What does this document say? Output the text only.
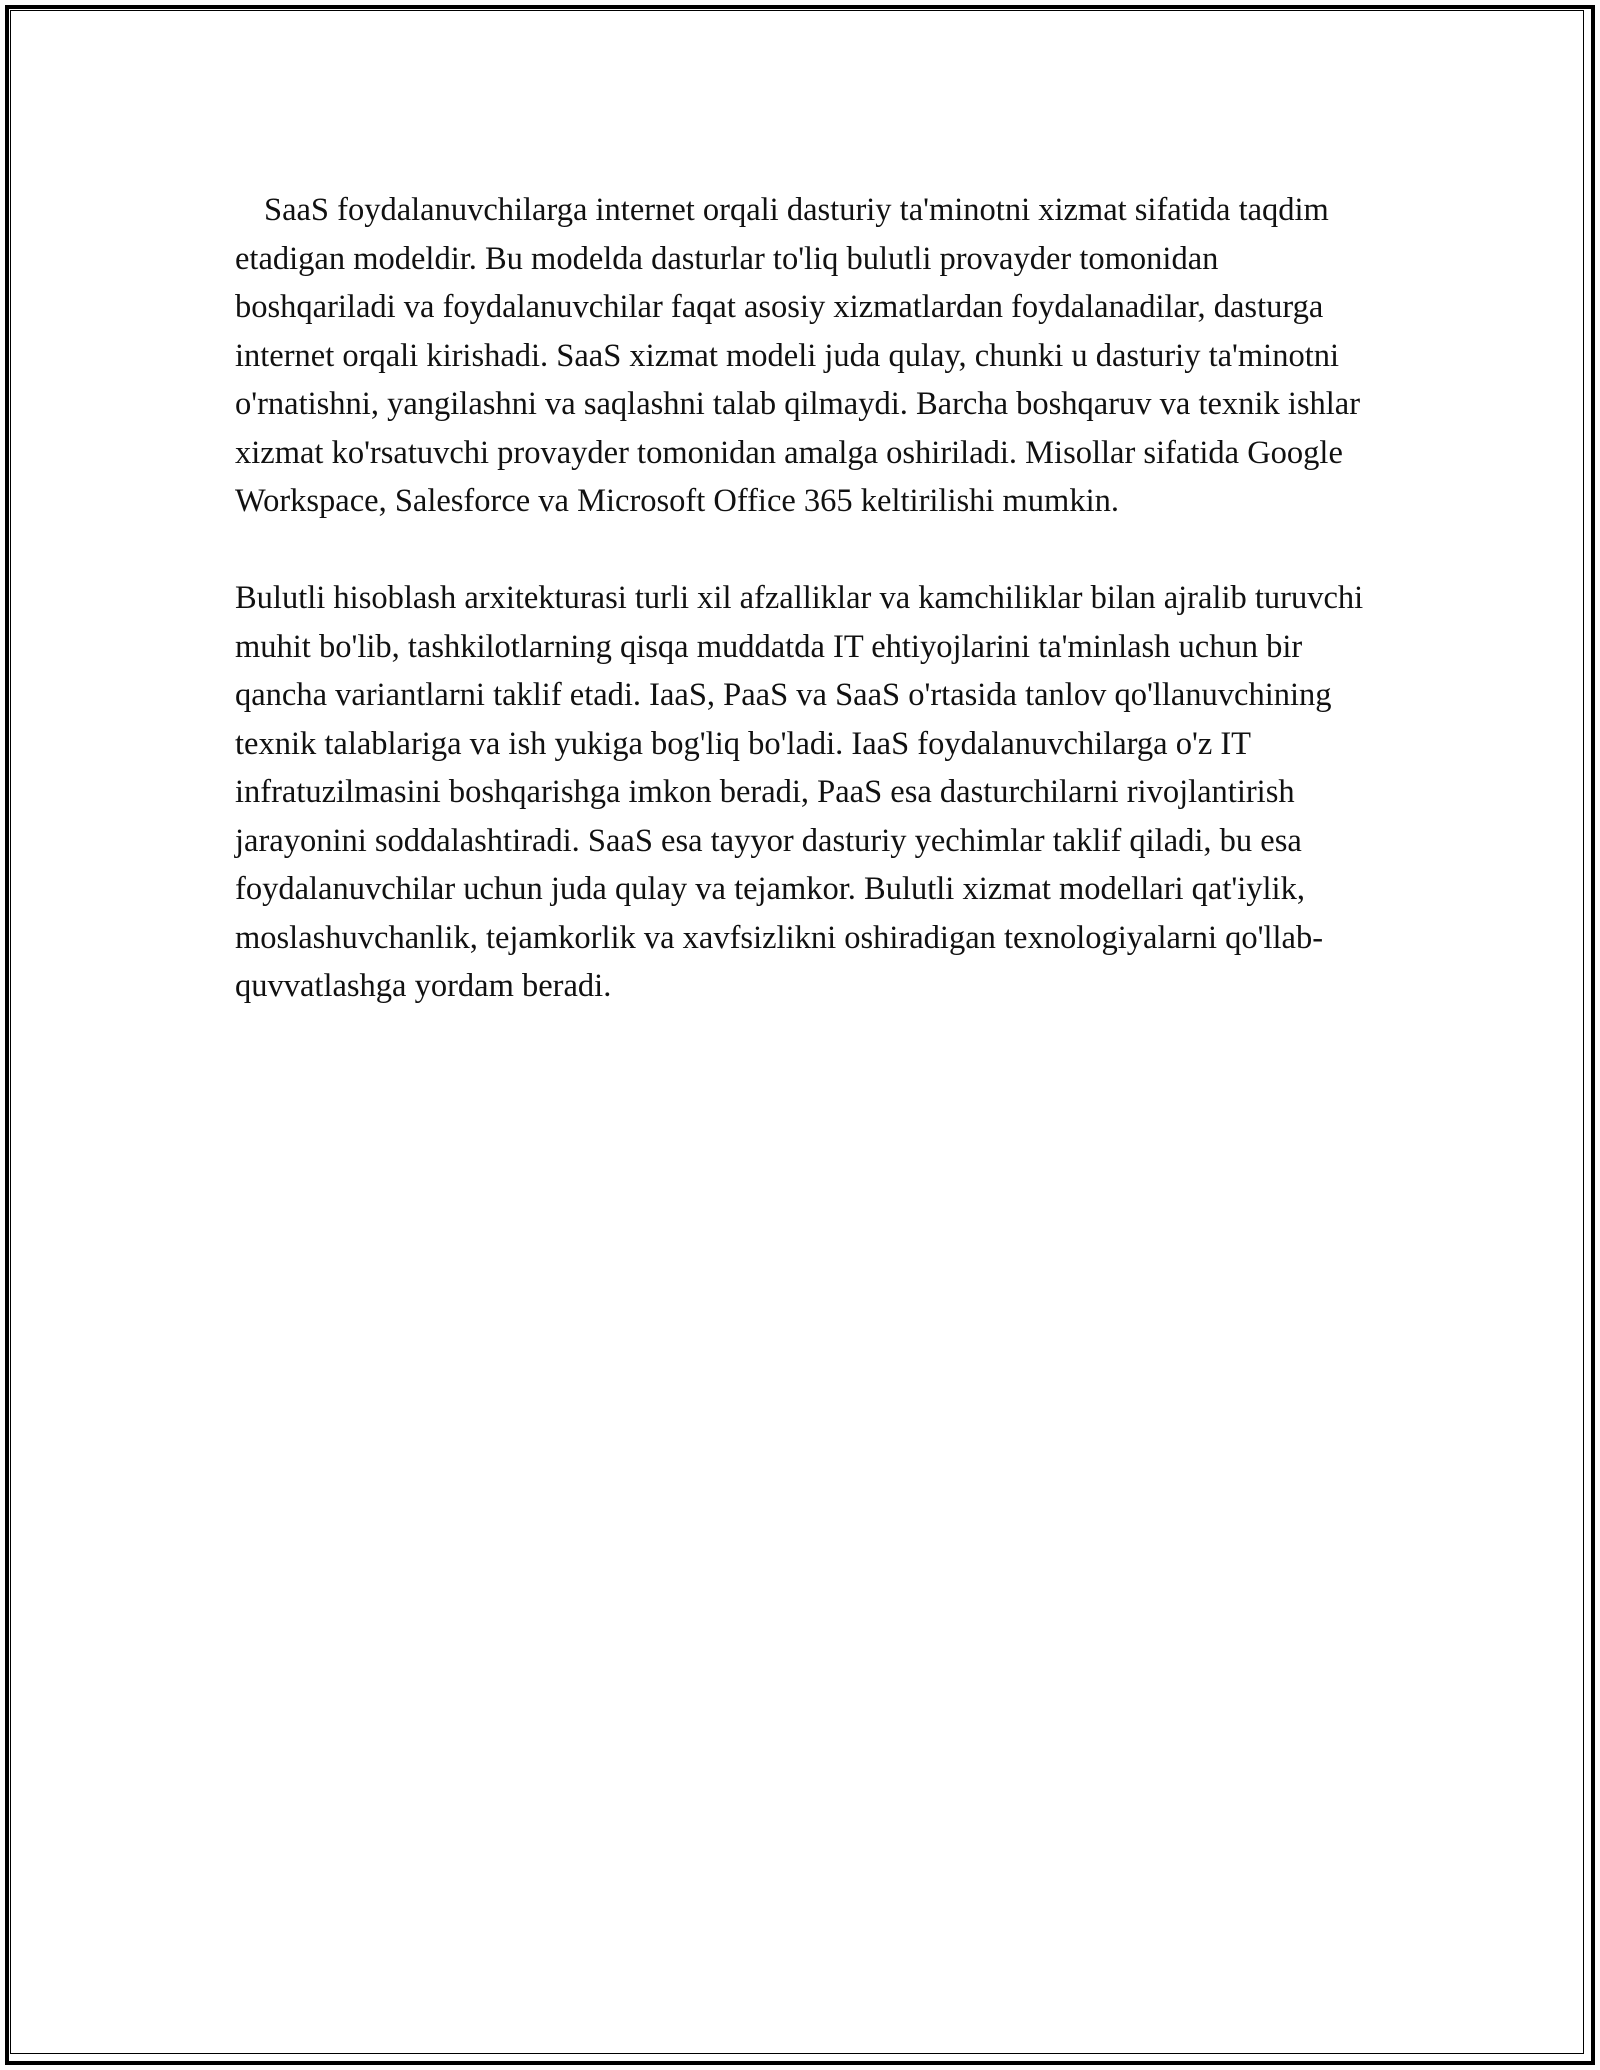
SaaS foydalanuvchilarga internet orqali dasturiy ta'minotni xizmat sifatida taqdim etadigan modeldir. Bu modelda dasturlar to'liq bulutli provayder tomonidan boshqariladi va foydalanuvchilar faqat asosiy xizmatlardan foydalanadilar, dasturga internet orqali kirishadi. SaaS xizmat modeli juda qulay, chunki u dasturiy ta'minotni o'rnatishni, yangilashni va saqlashni talab qilmaydi. Barcha boshqaruv va texnik ishlar xizmat ko'rsatuvchi provayder tomonidan amalga oshiriladi. Misollar sifatida Google Workspace, Salesforce va Microsoft Office 365 keltirilishi mumkin.

Bulutli hisoblash arxitekturasi turli xil afzalliklar va kamchiliklar bilan ajralib turuvchi muhit bo'lib, tashkilotlarning qisqa muddatda IT ehtiyojlarini ta'minlash uchun bir qancha variantlarni taklif etadi. IaaS, PaaS va SaaS o'rtasida tanlov qo'llanuvchining texnik talablariga va ish yukiga bog'liq bo'ladi. IaaS foydalanuvchilarga o'z IT infratuzilmasini boshqarishga imkon beradi, PaaS esa dasturchilarni rivojlantirish jarayonini soddalashtiradi. SaaS esa tayyor dasturiy yechimlar taklif qiladi, bu esa foydalanuvchilar uchun juda qulay va tejamkor. Bulutli xizmat modellari qat'iylik, moslashuvchanlik, tejamkorlik va xavfsizlikni oshiradigan texnologiyalarni qo'llab-quvvatlashga yordam beradi.
